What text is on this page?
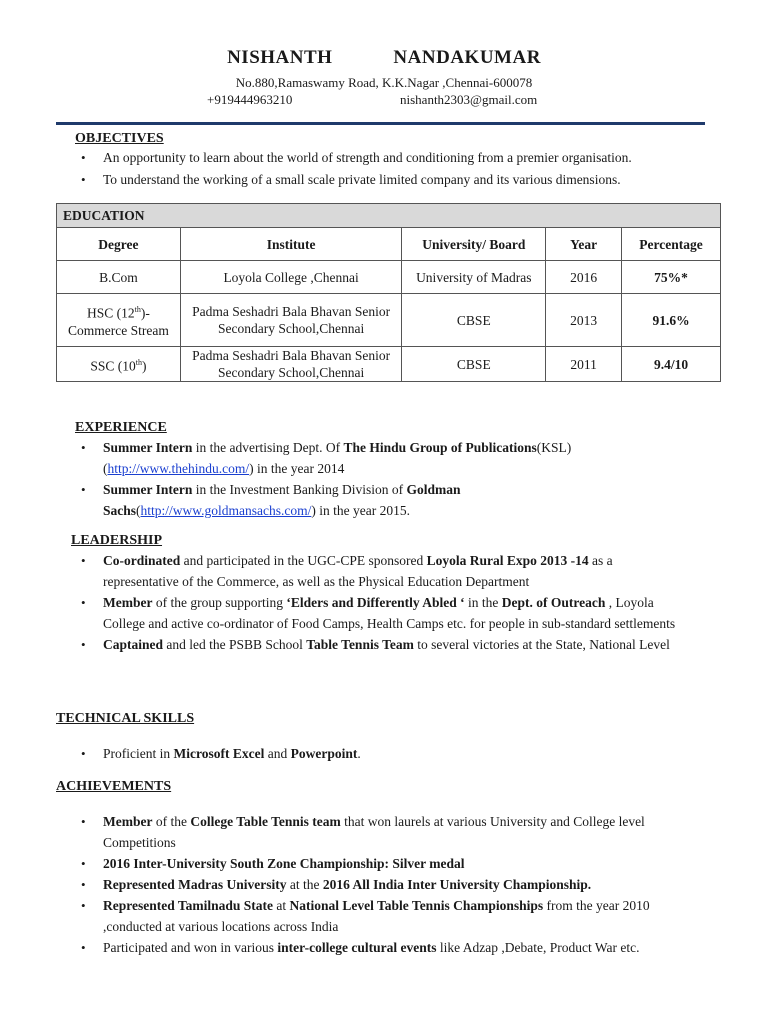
NISHANTH    NANDAKUMAR
No.880,Ramaswamy Road, K.K.Nagar ,Chennai-600078
+919444963210	nishanth2303@gmail.com
OBJECTIVES
• An opportunity to learn about the world of strength and conditioning from a premier organisation.
• To understand the working of a small scale private limited company and its various dimensions.
EDUCATION				
Degree	Institute	University/ Board	Year	Percentage
B.Com	Loyola College ,Chennai	University of Madras	2016	75%*
HSC (12th)- Commerce Stream	Padma Seshadri Bala Bhavan Senior Secondary School,Chennai	CBSE	2013	91.6%
SSC (10th)	Padma Seshadri Bala Bhavan Senior Secondary School,Chennai	CBSE	2011	9.4/10
EXPERIENCE
• Summer Intern in the advertising Dept. Of The Hindu Group of Publications(KSL)
(http://www.thehindu.com/) in the year 2014
• Summer Intern in the Investment Banking Division of Goldman Sachs(http://www.goldmansachs.com/) in the year 2015.
LEADERSHIP
• Co-ordinated and participated in the UGC-CPE sponsored Loyola Rural Expo 2013 -14 as a representative of the Commerce, as well as the Physical Education Department
• Member of the group supporting ‘Elders and Differently Abled ‘ in the Dept. of Outreach , Loyola College and active co-ordinator of Food Camps, Health Camps etc. for people in sub-standard settlements
• Captained and led the PSBB School Table Tennis Team to several victories at the State, National Level
TECHNICAL SKILLS
• Proficient in Microsoft Excel and Powerpoint.
ACHIEVEMENTS
• Member of the College Table Tennis team that won laurels at various University and College level Competitions
• 2016 Inter-University South Zone Championship: Silver medal
• Represented Madras University at the 2016 All India Inter University Championship.
• Represented Tamilnadu State at National Level Table Tennis Championships from the year 2010 ,conducted at various locations across India
• Participated and won in various inter-college cultural events like Adzap ,Debate, Product War etc.
